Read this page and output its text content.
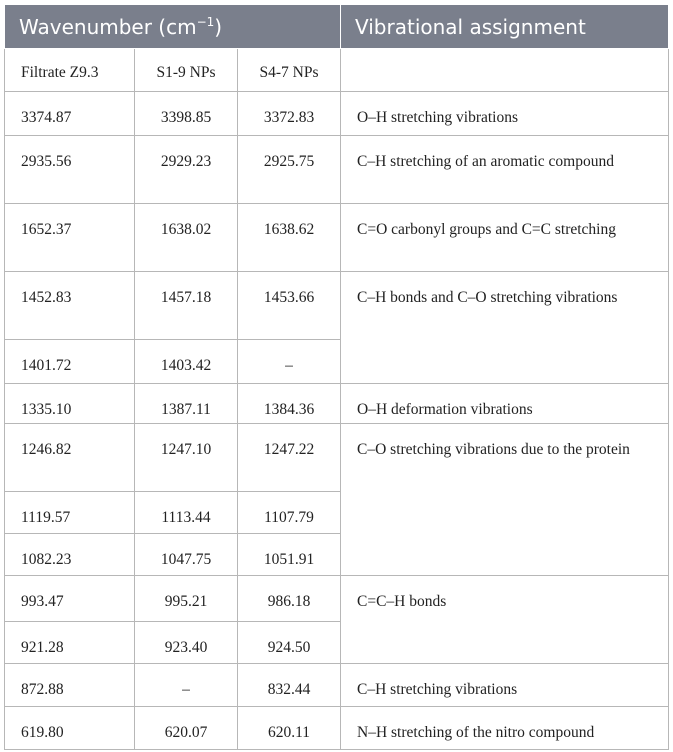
Wavenumber $(cm^{-1})$			Vibrational assignment
Filtrate Z9.3	S1-9 NPs	S4-7 NPs	
3374.87	3398.85	3372.83	O–H stretching vibrations
2935.56	2929.23	2925.75	C–H stretching of an aromatic compound
1652.37	1638.02	1638.62	C=O carbonyl groups and C=C stretching
1452.83	1457.18	1453.66	C–H bonds and C–O stretching vibrations
1401.72	1403.42	–	
1335.10	1387.11	1384.36	O–H deformation vibrations
1246.82	1247.10	1247.22	C–O stretching vibrations due to the protein
1119.57	1113.44	1107.79	
1082.23	1047.75	1051.91	
993.47	995.21	986.18	C=C–H bonds
921.28	923.40	924.50	
872.88	–	832.44	C–H stretching vibrations
619.80	620.07	620.11	N–H stretching of the nitro compound
